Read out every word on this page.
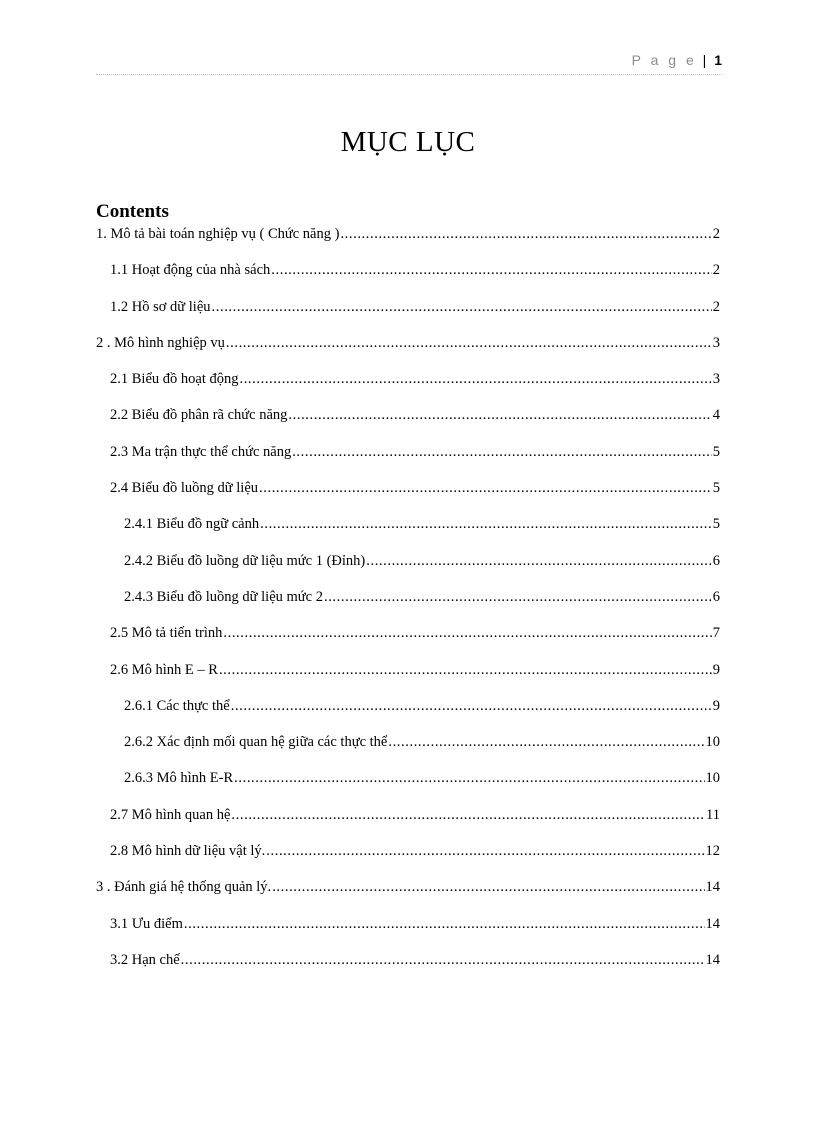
P a g e | 1
MỤC LỤC
Contents
1. Mô tả bài toán nghiệp vụ ( Chức năng ) .....	2
1.1 Hoạt động của nhà sách .....	2
1.2 Hồ sơ dữ liệu .....	2
2 . Mô hình nghiệp vụ .....	3
2.1 Biểu đồ hoạt động .....	3
2.2 Biểu đồ phân rã chức năng .....	4
2.3 Ma trận thực thể chức năng .....	5
2.4 Biểu đồ luồng dữ liệu .....	5
2.4.1 Biểu đồ ngữ cảnh .....	5
2.4.2 Biểu đồ luồng dữ liệu mức 1 (Đỉnh) .....	6
2.4.3 Biểu đồ luồng dữ liệu mức 2 .....	6
2.5 Mô tả tiến trình .....	7
2.6 Mô hình E – R .....	9
2.6.1 Các thực thể .....	9
2.6.2 Xác định mối quan hệ giữa các thực thể .....	10
2.6.3 Mô hình E-R .....	10
2.7 Mô hình quan hệ .....	11
2.8 Mô hình dữ liệu vật lý. .....	12
3 . Đánh giá hệ thống quản lý. .....	14
3.1 Ưu điểm .....	14
3.2 Hạn chế .....	14
